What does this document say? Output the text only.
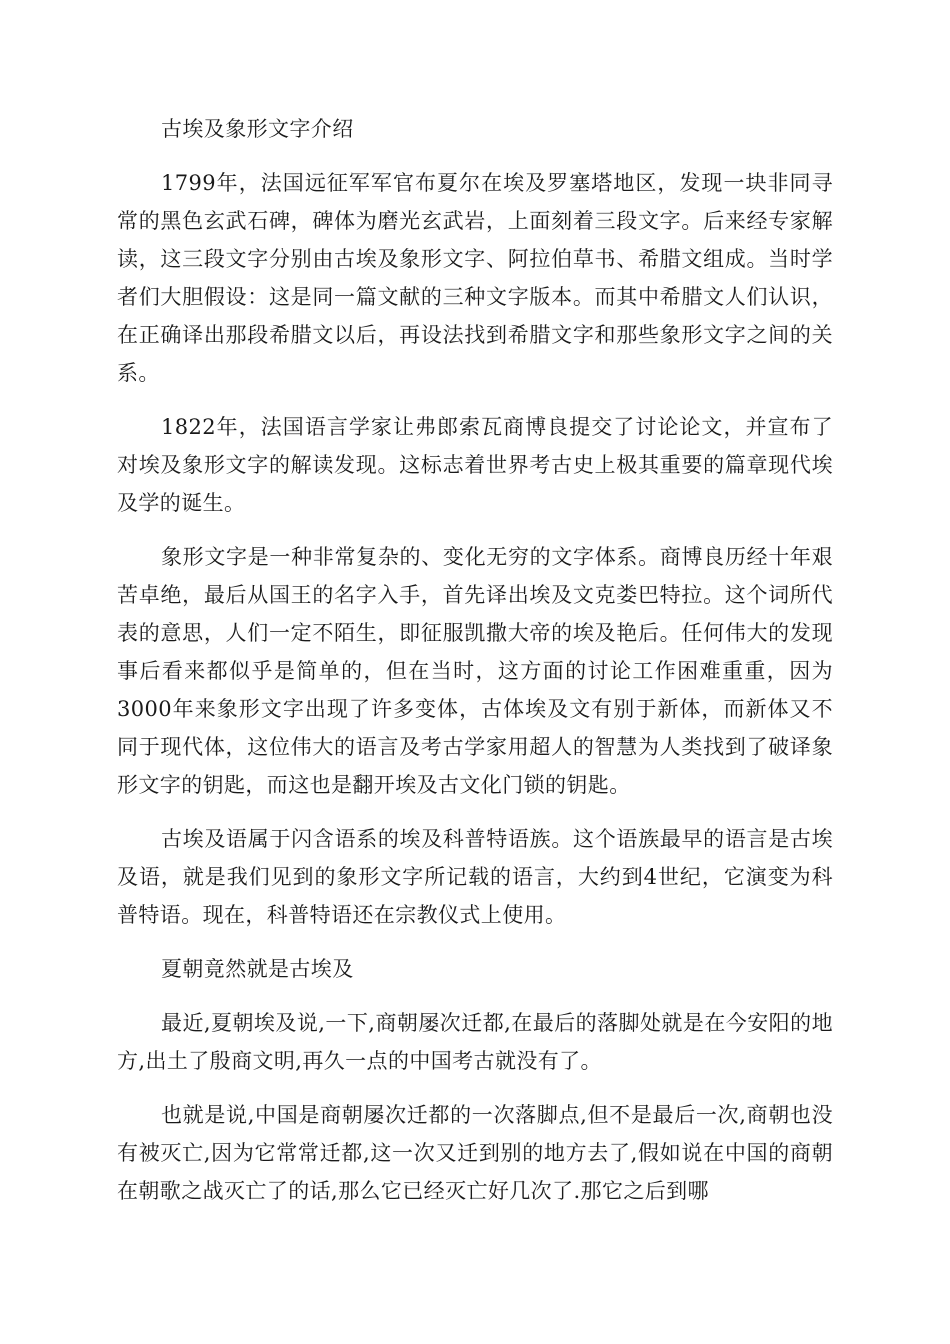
古埃及象形文字介绍

1799年，法国远征军军官布夏尔在埃及罗塞塔地区，发现一块非同寻常的黑色玄武石碑，碑体为磨光玄武岩，上面刻着三段文字。后来经专家解读，这三段文字分别由古埃及象形文字、阿拉伯草书、希腊文组成。当时学者们大胆假设：这是同一篇文献的三种文字版本。而其中希腊文人们认识，在正确译出那段希腊文以后，再设法找到希腊文字和那些象形文字之间的关系。

1822年，法国语言学家让弗郎索瓦商博良提交了讨论论文，并宣布了对埃及象形文字的解读发现。这标志着世界考古史上极其重要的篇章现代埃及学的诞生。

象形文字是一种非常复杂的、变化无穷的文字体系。商博良历经十年艰苦卓绝，最后从国王的名字入手，首先译出埃及文克娄巴特拉。这个词所代表的意思，人们一定不陌生，即征服凯撒大帝的埃及艳后。任何伟大的发现事后看来都似乎是简单的，但在当时，这方面的讨论工作困难重重，因为3000年来象形文字出现了许多变体，古体埃及文有别于新体，而新体又不同于现代体，这位伟大的语言及考古学家用超人的智慧为人类找到了破译象形文字的钥匙，而这也是翻开埃及古文化门锁的钥匙。

古埃及语属于闪含语系的埃及科普特语族。这个语族最早的语言是古埃及语，就是我们见到的象形文字所记载的语言，大约到4世纪，它演变为科普特语。现在，科普特语还在宗教仪式上使用。

夏朝竟然就是古埃及

最近,夏朝埃及说,一下,商朝屡次迁都,在最后的落脚处就是在今安阳的地方,出土了殷商文明,再久一点的中国考古就没有了。

也就是说,中国是商朝屡次迁都的一次落脚点,但不是最后一次,商朝也没有被灭亡,因为它常常迁都,这一次又迁到别的地方去了,假如说在中国的商朝在朝歌之战灭亡了的话,那么它已经灭亡好几次了.那它之后到哪
